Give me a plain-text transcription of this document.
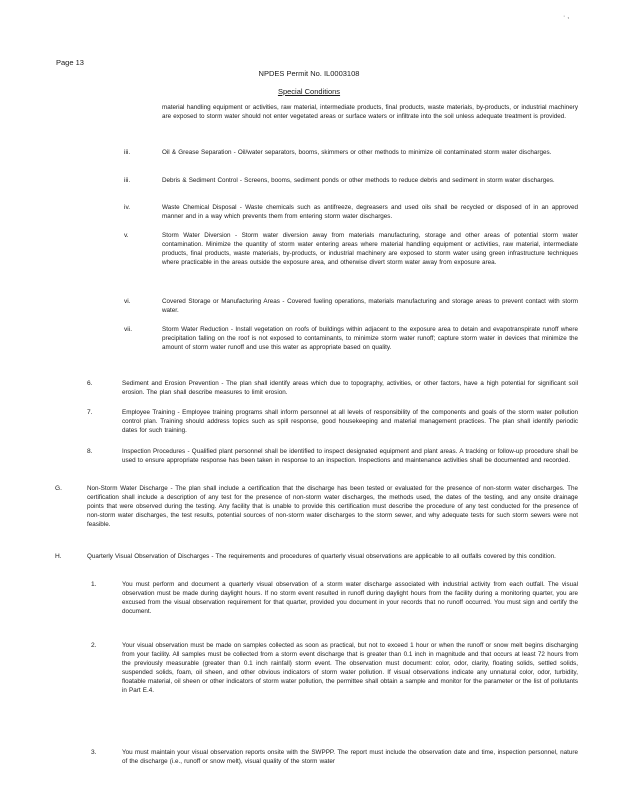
· ,
Page 13
NPDES Permit No. IL0003108
Special Conditions
material handling equipment or activities, raw material, intermediate products, final products, waste materials, by-products, or industrial machinery are exposed to storm water should not enter vegetated areas or surface waters or infiltrate into the soil unless adequate treatment is provided.
iii.	Oil & Grease Separation - Oil/water separators, booms, skimmers or other methods to minimize oil contaminated storm water discharges.
iii.	Debris & Sediment Control - Screens, booms, sediment ponds or other methods to reduce debris and sediment in storm water discharges.
iv.	Waste Chemical Disposal - Waste chemicals such as antifreeze, degreasers and used oils shall be recycled or disposed of in an approved manner and in a way which prevents them from entering storm water discharges.
v.	Storm Water Diversion - Storm water diversion away from materials manufacturing, storage and other areas of potential storm water contamination. Minimize the quantity of storm water entering areas where material handling equipment or activities, raw material, intermediate products, final products, waste materials, by-products, or industrial machinery are exposed to storm water using green infrastructure techniques where practicable in the areas outside the exposure area, and otherwise divert storm water away from exposure area.
vi.	Covered Storage or Manufacturing Areas - Covered fueling operations, materials manufacturing and storage areas to prevent contact with storm water.
vii.	Storm Water Reduction - Install vegetation on roofs of buildings within adjacent to the exposure area to detain and evapotranspirate runoff where precipitation falling on the roof is not exposed to contaminants, to minimize storm water runoff; capture storm water in devices that minimize the amount of storm water runoff and use this water as appropriate based on quality.
6.	Sediment and Erosion Prevention - The plan shall identify areas which due to topography, activities, or other factors, have a high potential for significant soil erosion. The plan shall describe measures to limit erosion.
7.	Employee Training - Employee training programs shall inform personnel at all levels of responsibility of the components and goals of the storm water pollution control plan. Training should address topics such as spill response, good housekeeping and material management practices. The plan shall identify periodic dates for such training.
8.	Inspection Procedures - Qualified plant personnel shall be identified to inspect designated equipment and plant areas. A tracking or follow-up procedure shall be used to ensure appropriate response has been taken in response to an inspection. Inspections and maintenance activities shall be documented and recorded.
G.	Non-Storm Water Discharge - The plan shall include a certification that the discharge has been tested or evaluated for the presence of non-storm water discharges. The certification shall include a description of any test for the presence of non-storm water discharges, the methods used, the dates of the testing, and any onsite drainage points that were observed during the testing. Any facility that is unable to provide this certification must describe the procedure of any test conducted for the presence of non-storm water discharges, the test results, potential sources of non-storm water discharges to the storm sewer, and why adequate tests for such storm sewers were not feasible.
H.	Quarterly Visual Observation of Discharges - The requirements and procedures of quarterly visual observations are applicable to all outfalls covered by this condition.
1.	You must perform and document a quarterly visual observation of a storm water discharge associated with industrial activity from each outfall. The visual observation must be made during daylight hours. If no storm event resulted in runoff during daylight hours from the facility during a monitoring quarter, you are excused from the visual observation requirement for that quarter, provided you document in your records that no runoff occurred. You must sign and certify the document.
2.	Your visual observation must be made on samples collected as soon as practical, but not to exceed 1 hour or when the runoff or snow melt begins discharging from your facility. All samples must be collected from a storm event discharge that is greater than 0.1 inch in magnitude and that occurs at least 72 hours from the previously measurable (greater than 0.1 inch rainfall) storm event. The observation must document: color, odor, clarity, floating solids, settled solids, suspended solids, foam, oil sheen, and other obvious indicators of storm water pollution. If visual observations indicate any unnatural color, odor, turbidity, floatable material, oil sheen or other indicators of storm water pollution, the permittee shall obtain a sample and monitor for the parameter or the list of pollutants in Part E.4.
3.	You must maintain your visual observation reports onsite with the SWPPP. The report must include the observation date and time, inspection personnel, nature of the discharge (i.e., runoff or snow melt), visual quality of the storm water
